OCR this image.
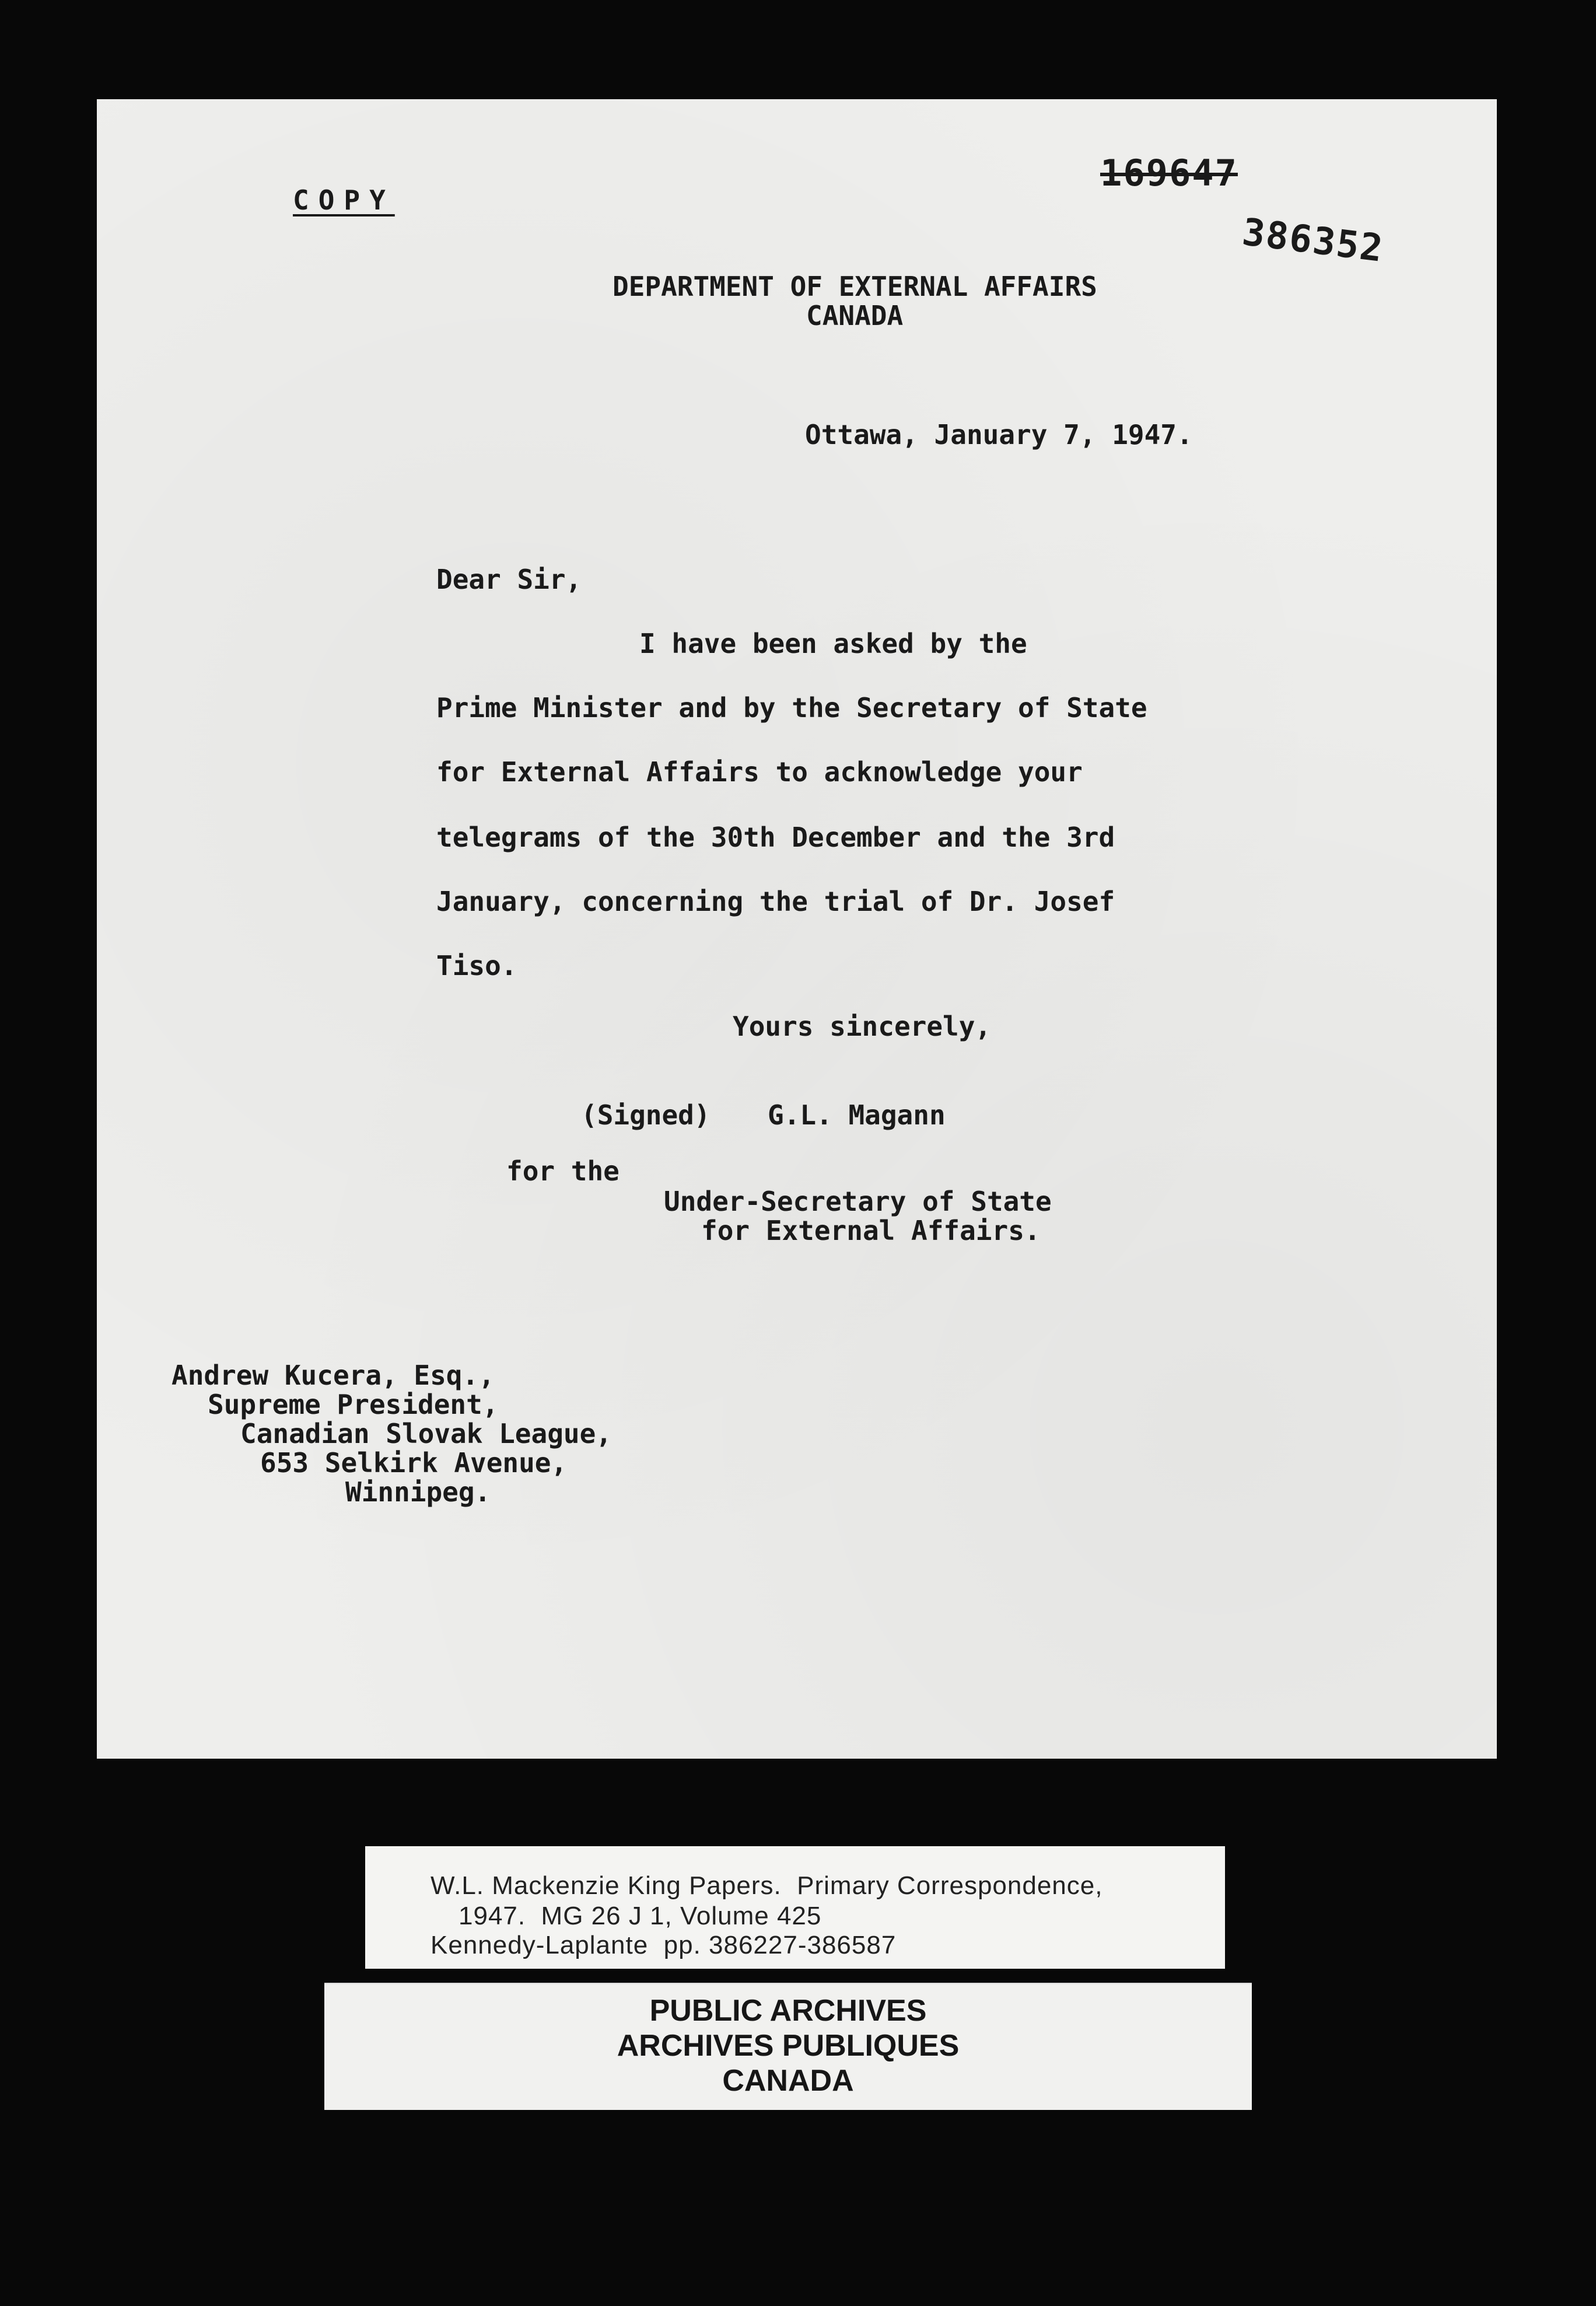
COPY
169647
386352
DEPARTMENT OF EXTERNAL AFFAIRS
CANADA
Ottawa, January 7, 1947.
Dear Sir,
I have been asked by the
Prime Minister and by the Secretary of State
for External Affairs to acknowledge your
telegrams of the 30th December and the 3rd
January, concerning the trial of Dr. Josef
Tiso.
Yours sincerely,
(Signed) G.L. Magann
for the
Under-Secretary of State
for External Affairs.
Andrew Kucera, Esq.,
Supreme President,
Canadian Slovak League,
653 Selkirk Avenue,
Winnipeg.
W.L. Mackenzie King Papers.  Primary Correspondence,
1947.  MG 26 J 1, Volume 425
Kennedy-Laplante  pp. 386227-386587
PUBLIC ARCHIVES
ARCHIVES PUBLIQUES
CANADA
